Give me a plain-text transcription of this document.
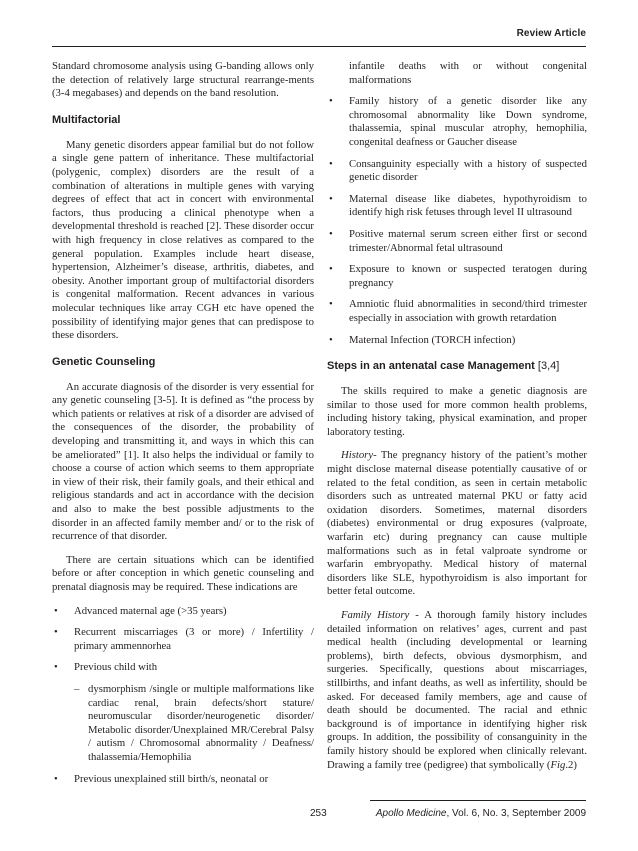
Review Article

Standard chromosome analysis using G-banding allows only the detection of relatively large structural rearrange-ments (3-4 megabases) and depends on the band resolution.

Multifactorial

Many genetic disorders appear familial but do not follow a single gene pattern of inheritance. These multifactorial (polygenic, complex) disorders are the result of a combination of alterations in multiple genes with varying degrees of effect that act in concert with environmental factors, thus producing a clinical phenotype when a developmental threshold is reached [2]. These disorder occur with high frequency in close relatives as compared to the general population. Examples include heart disease, hypertension, Alzheimer’s disease, arthritis, diabetes, and obesity. Another important group of multifactorial disorders is congenital malformation. Recent advances in various molecular techniques like array CGH etc have opened the possibility of identifying major genes that can predispose to these disorders.

Genetic Counseling

An accurate diagnosis of the disorder is very essential for any genetic counseling [3-5]. It is defined as “the process by which patients or relatives at risk of a disorder are advised of the consequences of the disorder, the probability of developing and transmitting it, and ways in which this can be ameliorated” [1]. It also helps the individual or family to choose a course of action which seems to them appropriate in view of their risk, their family goals, and their ethical and religious standards and act in accordance with the decision and also to make the best possible adjustments to the disorder in an affected family member and/ or to the risk of recurrence of that disorder.

There are certain situations which can be identified before or after conception in which genetic counseling and prenatal diagnosis may be required. These indications are

• Advanced maternal age (>35 years)
• Recurrent miscarriages (3 or more) / Infertility / primary ammennorhea
• Previous child with
– dysmorphism /single or multiple malformations like cardiac renal, brain defects/short stature/ neuromuscular disorder/neurogenetic disorder/ Metabolic disorder/Unexplained MR/Cerebral Palsy / autism / Chromosomal abnormality / Deafness/ thalassemia/Hemophilia
• Previous unexplained still birth/s, neonatal or
infantile deaths with or without congenital malformations
• Family history of a genetic disorder like any chromosomal abnormality like Down syndrome, thalassemia, spinal muscular atrophy, hemophilia, congenital deafness or Gaucher disease
• Consanguinity especially with a history of suspected genetic disorder
• Maternal disease like diabetes, hypothyroidism to identify high risk fetuses through level II ultrasound
• Positive maternal serum screen either first or second trimester/Abnormal fetal ultrasound
• Exposure to known or suspected teratogen during pregnancy
• Amniotic fluid abnormalities in second/third trimester especially in association with growth retardation
• Maternal Infection (TORCH infection)
Steps in an antenatal case Management [3,4]

The skills required to make a genetic diagnosis are similar to those used for more common health problems, including history taking, physical examination, and proper laboratory testing.

History- The pregnancy history of the patient’s mother might disclose maternal disease potentially causative of or related to the fetal condition, as seen in certain metabolic disorders such as untreated maternal PKU or fatty acid oxidation disorders. Sometimes, maternal disorders (diabetes) environmental or drug exposures (valproate, warfarin etc) during pregnancy can cause multiple malformations such as in fetal valproate syndrome or warfarin embryopathy. Medical history of maternal disorders like SLE, hypothyroidism is also important for better fetal outcome.

Family History - A thorough family history includes detailed information on relatives’ ages, current and past medical health (including developmental or learning problems), birth defects, obvious dysmorphism, and surgeries. Specifically, questions about miscarriages, stillbirths, and infant deaths, as well as infertility, should be asked. For deceased family members, age and cause of death should be documented. The racial and ethnic background is of importance in identifying higher risk groups. In addition, the possibility of consanguinity in the family history should be explored when clinically relevant. Drawing a family tree (pedigree) that symbolically (Fig.2)

253	Apollo Medicine, Vol. 6, No. 3, September 2009
